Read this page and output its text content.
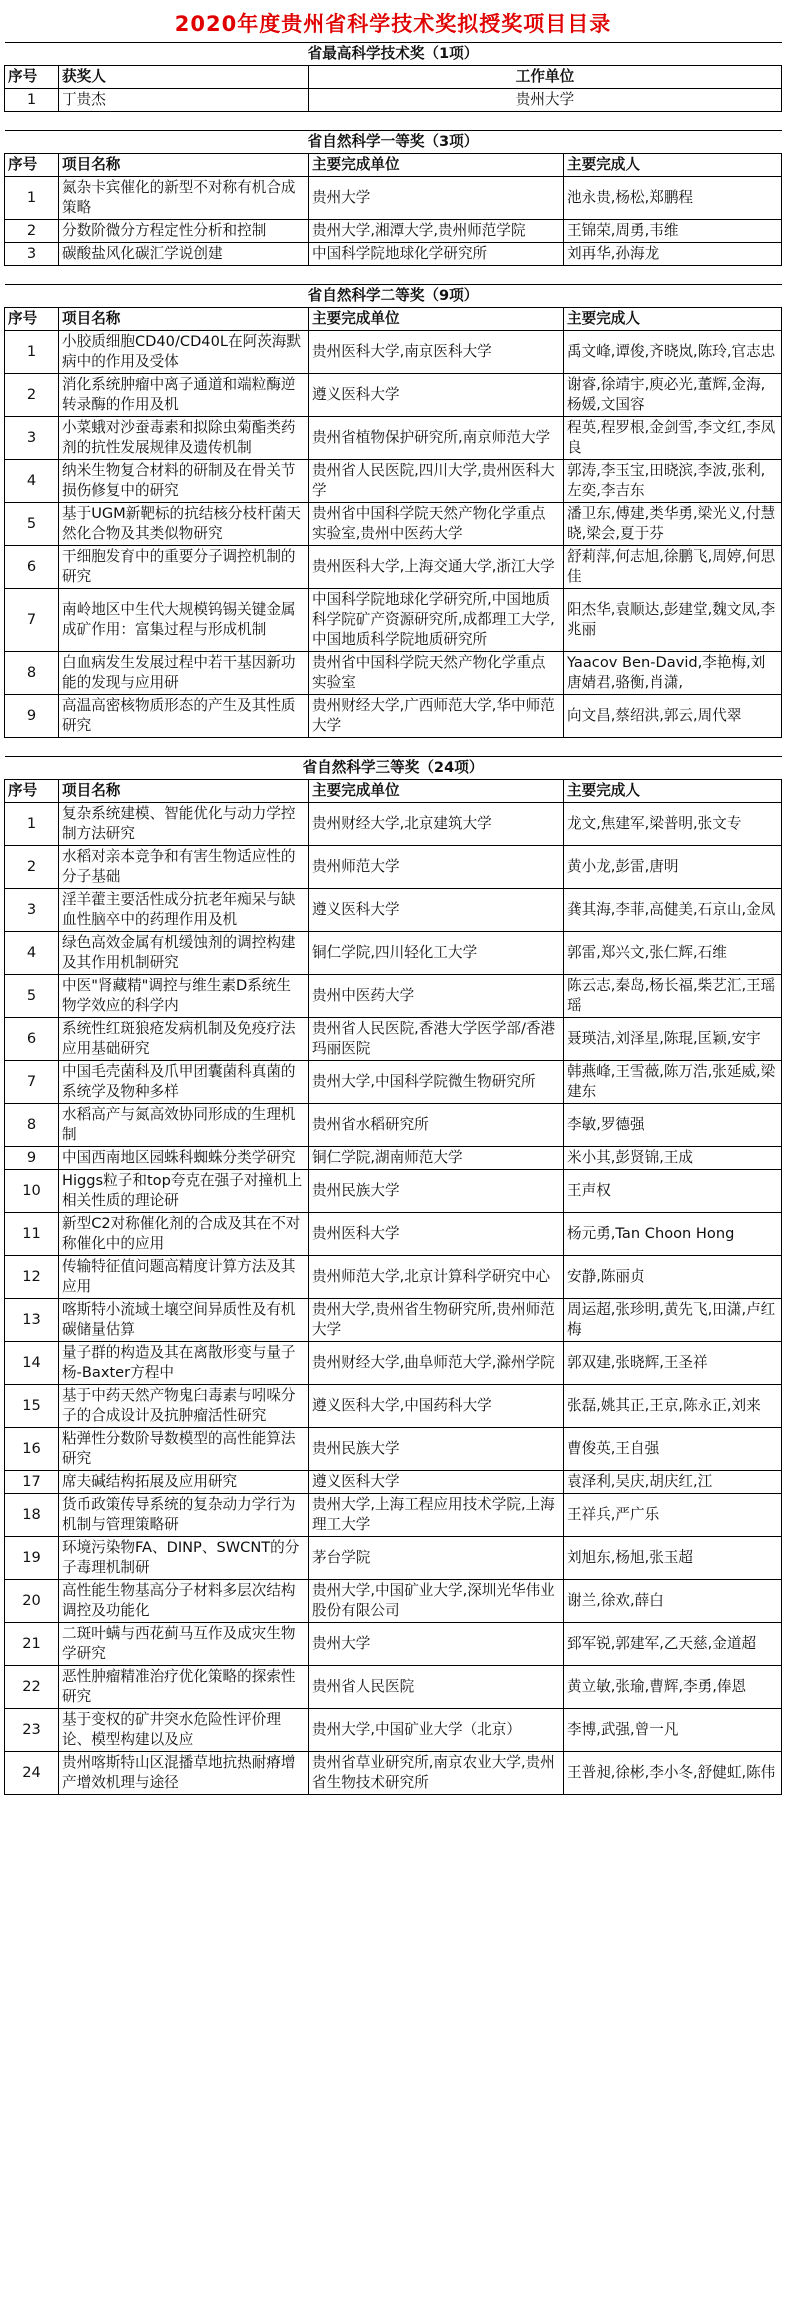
2020年度贵州省科学技术奖拟授奖项目目录
省最高科学技术奖（1项）			
序号	获奖人	工作单位	
1	丁贵杰	贵州大学	

省自然科学一等奖（3项）			
序号	项目名称	主要完成单位	主要完成人
1	氮杂卡宾催化的新型不对称有机合成策略	贵州大学	池永贵,杨松,郑鹏程
2	分数阶微分方程定性分析和控制	贵州大学,湘潭大学,贵州师范学院	王锦荣,周勇,韦维
3	碳酸盐风化碳汇学说创建	中国科学院地球化学研究所	刘再华,孙海龙

省自然科学二等奖（9项）			
序号	项目名称	主要完成单位	主要完成人
1	小胶质细胞CD40/CD40L在阿茨海默病中的作用及受体	贵州医科大学,南京医科大学	禹文峰,谭俊,齐晓岚,陈玲,官志忠
2	消化系统肿瘤中离子通道和端粒酶逆转录酶的作用及机	遵义医科大学	谢睿,徐靖宇,庾必光,董辉,金海,杨媛,文国容
3	小菜蛾对沙蚕毒素和拟除虫菊酯类药剂的抗性发展规律及遗传机制	贵州省植物保护研究所,南京师范大学	程英,程罗根,金剑雪,李文红,李凤良
4	纳米生物复合材料的研制及在骨关节损伤修复中的研究	贵州省人民医院,四川大学,贵州医科大学	郭涛,李玉宝,田晓滨,李波,张利,左奕,李吉东
5	基于UGM新靶标的抗结核分枝杆菌天然化合物及其类似物研究	贵州省中国科学院天然产物化学重点实验室,贵州中医药大学	潘卫东,傅建,类华勇,梁光义,付慧晓,梁会,夏于芬
6	干细胞发育中的重要分子调控机制的研究	贵州医科大学,上海交通大学,浙江大学	舒莉萍,何志旭,徐鹏飞,周婷,何思佳
7	南岭地区中生代大规模钨锡关键金属成矿作用：富集过程与形成机制	中国科学院地球化学研究所,中国地质科学院矿产资源研究所,成都理工大学,中国地质科学院地质研究所	阳杰华,袁顺达,彭建堂,魏文凤,李兆丽
8	白血病发生发展过程中若干基因新功能的发现与应用研	贵州省中国科学院天然产物化学重点实验室	Yaacov Ben-David,李艳梅,刘唐婧君,骆衡,肖潇,
9	高温高密核物质形态的产生及其性质研究	贵州财经大学,广西师范大学,华中师范大学	向文昌,蔡绍洪,郭云,周代翠

省自然科学三等奖（24项）			
序号	项目名称	主要完成单位	主要完成人
1	复杂系统建模、智能优化与动力学控制方法研究	贵州财经大学,北京建筑大学	龙文,焦建军,梁普明,张文专
2	水稻对亲本竞争和有害生物适应性的分子基础	贵州师范大学	黄小龙,彭雷,唐明
3	淫羊藿主要活性成分抗老年痴呆与缺血性脑卒中的药理作用及机	遵义医科大学	龚其海,李菲,高健美,石京山,金凤
4	绿色高效金属有机缓蚀剂的调控构建及其作用机制研究	铜仁学院,四川轻化工大学	郭雷,郑兴文,张仁辉,石维
5	中医"肾藏精"调控与维生素D系统生物学效应的科学内	贵州中医药大学	陈云志,秦岛,杨长福,柴艺汇,王瑶瑶
6	系统性红斑狼疮发病机制及免疫疗法应用基础研究	贵州省人民医院,香港大学医学部/香港玛丽医院	聂瑛洁,刘泽星,陈琨,匡颖,安宇
7	中国毛壳菌科及爪甲团囊菌科真菌的系统学及物种多样	贵州大学,中国科学院微生物研究所	韩燕峰,王雪薇,陈万浩,张延威,梁建东
8	水稻高产与氮高效协同形成的生理机制	贵州省水稻研究所	李敏,罗德强
9	中国西南地区园蛛科蜘蛛分类学研究	铜仁学院,湖南师范大学	米小其,彭贤锦,王成
10	Higgs粒子和top夸克在强子对撞机上相关性质的理论研	贵州民族大学	王声权
11	新型C2对称催化剂的合成及其在不对称催化中的应用	贵州医科大学	杨元勇,Tan Choon Hong
12	传输特征值问题高精度计算方法及其应用	贵州师范大学,北京计算科学研究中心	安静,陈丽贞
13	喀斯特小流域土壤空间异质性及有机碳储量估算	贵州大学,贵州省生物研究所,贵州师范大学	周运超,张珍明,黄先飞,田潇,卢红梅
14	量子群的构造及其在离散形变与量子杨-Baxter方程中	贵州财经大学,曲阜师范大学,滁州学院	郭双建,张晓辉,王圣祥
15	基于中药天然产物鬼臼毒素与吲哚分子的合成设计及抗肿瘤活性研究	遵义医科大学,中国药科大学	张磊,姚其正,王京,陈永正,刘来
16	粘弹性分数阶导数模型的高性能算法研究	贵州民族大学	曹俊英,王自强
17	席夫碱结构拓展及应用研究	遵义医科大学	袁泽利,吴庆,胡庆红,江
18	货币政策传导系统的复杂动力学行为机制与管理策略研	贵州大学,上海工程应用技术学院,上海理工大学	王祥兵,严广乐
19	环境污染物FA、DINP、SWCNT的分子毒理机制研	茅台学院	刘旭东,杨旭,张玉超
20	高性能生物基高分子材料多层次结构调控及功能化	贵州大学,中国矿业大学,深圳光华伟业股份有限公司	谢兰,徐欢,薛白
21	二斑叶螨与西花蓟马互作及成灾生物学研究	贵州大学	郅军锐,郭建军,乙天慈,金道超
22	恶性肿瘤精准治疗优化策略的探索性研究	贵州省人民医院	黄立敏,张瑜,曹辉,李勇,俸恩
23	基于变权的矿井突水危险性评价理论、模型构建以及应	贵州大学,中国矿业大学（北京）	李博,武强,曾一凡
24	贵州喀斯特山区混播草地抗热耐瘠增产增效机理与途径	贵州省草业研究所,南京农业大学,贵州省生物技术研究所	王普昶,徐彬,李小冬,舒健虹,陈伟
